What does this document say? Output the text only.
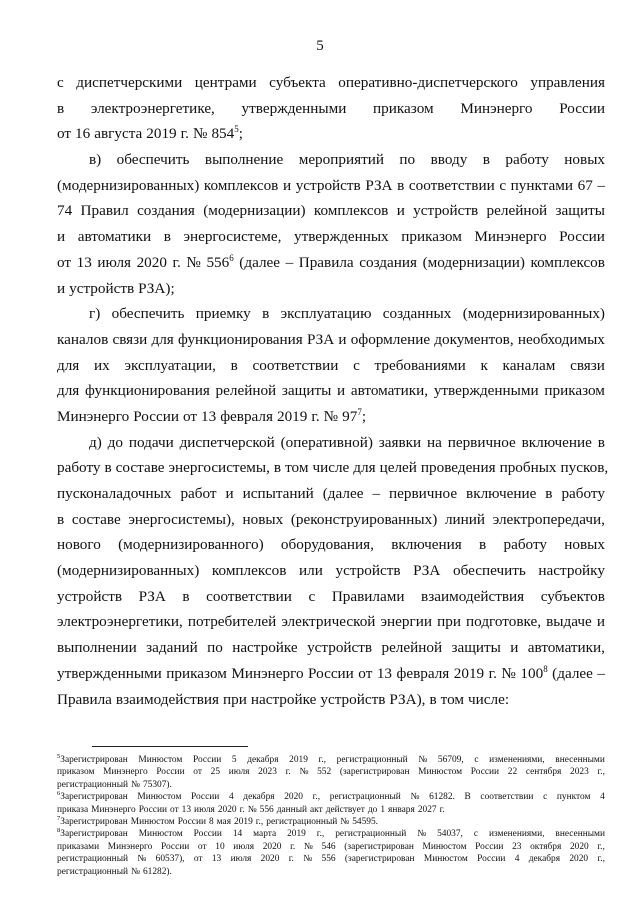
5
с диспетчерскими центрами субъекта оперативно-диспетчерского управления
в электроэнергетике, утвержденными приказом Минэнерго России
от 16 августа 2019 г. № $854^5$;
в) обеспечить выполнение мероприятий по вводу в работу новых
(модернизированных) комплексов и устройств РЗА в соответствии с пунктами 67 –
74 Правил создания (модернизации) комплексов и устройств релейной защиты
и автоматики в энергосистеме, утвержденных приказом Минэнерго России
от 13 июля 2020 г. № $556^6$ (далее – Правила создания (модернизации) комплексов
и устройств РЗА);
г) обеспечить приемку в эксплуатацию созданных (модернизированных)
каналов связи для функционирования РЗА и оформление документов, необходимых
для их эксплуатации, в соответствии с требованиями к каналам связи
для функционирования релейной защиты и автоматики, утвержденными приказом
Минэнерго России от 13 февраля 2019 г. № $97^7$;
д) до подачи диспетчерской (оперативной) заявки на первичное включение в
работу в составе энергосистемы, в том числе для целей проведения пробных пусков,
пусконаладочных работ и испытаний (далее – первичное включение в работу
в составе энергосистемы), новых (реконструированных) линий электропередачи,
нового (модернизированного) оборудования, включения в работу новых
(модернизированных) комплексов или устройств РЗА обеспечить настройку
устройств РЗА в соответствии с Правилами взаимодействия субъектов
электроэнергетики, потребителей электрической энергии при подготовке, выдаче и
выполнении заданий по настройке устройств релейной защиты и автоматики,
утвержденными приказом Минэнерго России от 13 февраля 2019 г. № $100^8$ (далее –
Правила взаимодействия при настройке устройств РЗА), в том числе:
$^5$Зарегистрирован Минюстом России 5 декабря 2019 г., регистрационный № 56709, с изменениями, внесенными
приказом Минэнерго России от 25 июля 2023 г. № 552 (зарегистрирован Минюстом России 22 сентября 2023 г.,
регистрационный № 75307).
$^6$Зарегистрирован Минюстом России 4 декабря 2020 г., регистрационный № 61282. В соответствии с пунктом 4
приказа Минэнерго России от 13 июля 2020 г. № 556 данный акт действует до 1 января 2027 г.
$^7$Зарегистрирован Минюстом России 8 мая 2019 г., регистрационный № 54595.
$^8$Зарегистрирован Минюстом России 14 марта 2019 г., регистрационный № 54037, с изменениями, внесенными
приказами Минэнерго России от 10 июля 2020 г. № 546 (зарегистрирован Минюстом России 23 октября 2020 г.,
регистрационный № 60537), от 13 июля 2020 г. № 556 (зарегистрирован Минюстом России 4 декабря 2020 г.,
регистрационный № 61282).
